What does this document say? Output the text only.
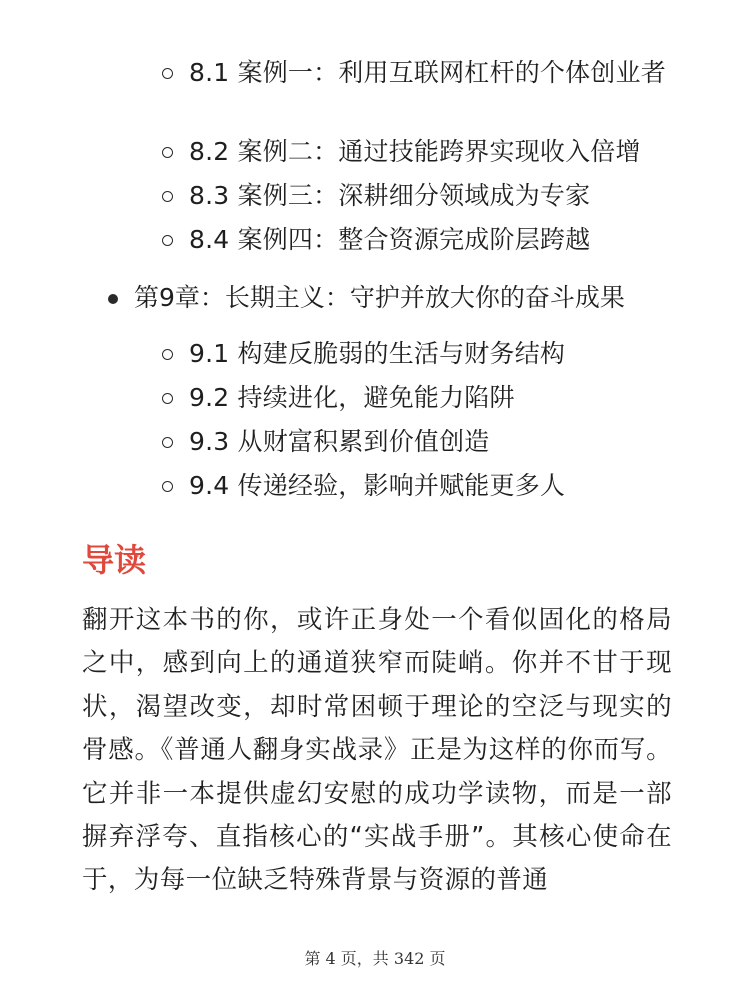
8.1 案例一：利用互联网杠杆的个体创业者
8.2 案例二：通过技能跨界实现收入倍增
8.3 案例三：深耕细分领域成为专家
8.4 案例四：整合资源完成阶层跨越
第9章：长期主义：守护并放大你的奋斗成果
9.1 构建反脆弱的生活与财务结构
9.2 持续进化，避免能力陷阱
9.3 从财富积累到价值创造
9.4 传递经验，影响并赋能更多人
导读

翻开这本书的你，或许正身处一个看似固化的格局之中，感到向上的通道狭窄而陡峭。你并不甘于现状，渴望改变，却时常困顿于理论的空泛与现实的骨感。《普通人翻身实战录》正是为这样的你而写。它并非一本提供虚幻安慰的成功学读物，而是一部摒弃浮夸、直指核心的“实战手册”。其核心使命在于，为每一位缺乏特殊背景与资源的普通

第 4 页，共 342 页
